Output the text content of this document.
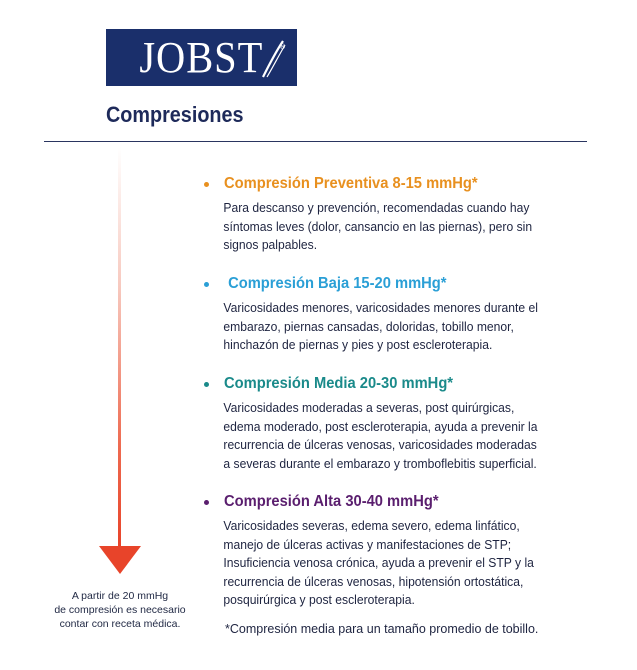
JOBST ®
Compresiones
A partir de 20 mmHg
de compresión es necesario
contar con receta médica.
Compresión Preventiva 8-15 mmHg*
Para descanso y prevención, recomendadas cuando hay
síntomas leves (dolor, cansancio en las piernas), pero sin
signos palpables.
Compresión Baja 15-20 mmHg*
Varicosidades menores, varicosidades menores durante el
embarazo, piernas cansadas, doloridas, tobillo menor,
hinchazón de piernas y pies y post escleroterapia.
Compresión Media 20-30 mmHg*
Varicosidades moderadas a severas, post quirúrgicas,
edema moderado, post escleroterapia, ayuda a prevenir la
recurrencia de úlceras venosas, varicosidades moderadas
a severas durante el embarazo y tromboflebitis superficial.
Compresión Alta 30-40 mmHg*
Varicosidades severas, edema severo, edema linfático,
manejo de úlceras activas y manifestaciones de STP;
Insuficiencia venosa crónica, ayuda a prevenir el STP y la
recurrencia de úlceras venosas, hipotensión ortostática,
posquirúrgica y post escleroterapia.
*Compresión media para un tamaño promedio de tobillo.
